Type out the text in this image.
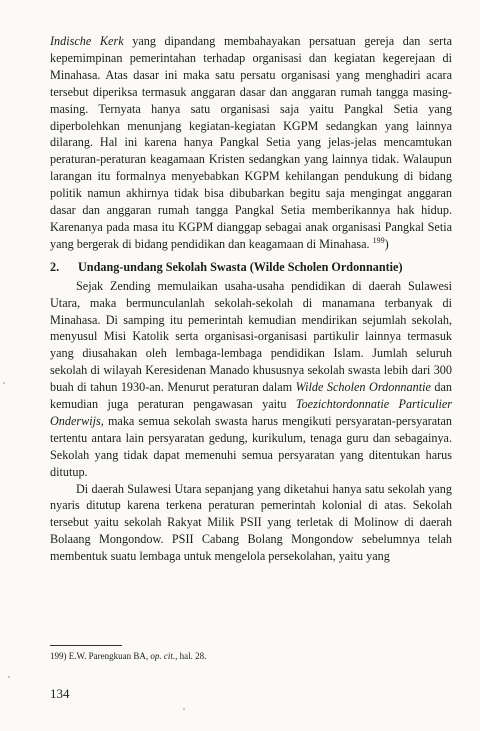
Indische Kerk yang dipandang membahayakan persatuan gereja dan serta kepemimpinan pemerintahan terhadap organisasi dan kegiatan kegerejaan di Minahasa. Atas dasar ini maka satu persatu organisasi yang menghadiri acara tersebut diperiksa termasuk anggaran dasar dan anggaran rumah tangga masing-masing. Ternyata hanya satu organisasi saja yaitu Pangkal Setia yang diperbolehkan menunjang kegiatan-kegiatan KGPM sedangkan yang lainnya dilarang. Hal ini karena hanya Pangkal Setia yang jelas-jelas mencamtukan peraturan-peraturan keagamaan Kristen sedangkan yang lainnya tidak. Walaupun larangan itu formalnya menyebabkan KGPM kehilangan pendukung di bidang politik namun akhirnya tidak bisa dibubarkan begitu saja mengingat anggaran dasar dan anggaran rumah tangga Pangkal Setia memberikannya hak hidup. Karenanya pada masa itu KGPM dianggap sebagai anak organisasi Pangkal Setia yang bergerak di bidang pendidikan dan keagamaan di Minahasa. $^{199}$)

2.	Undang-undang Sekolah Swasta (Wilde Scholen Ordonnantie)

Sejak Zending memulaikan usaha-usaha pendidikan di daerah Sulawesi Utara, maka bermunculanlah sekolah-sekolah di manamana terbanyak di Minahasa. Di samping itu pemerintah kemudian mendirikan sejumlah sekolah, menyusul Misi Katolik serta organisasi-organisasi partikulir lainnya termasuk yang diusahakan oleh lembaga-lembaga pendidikan Islam. Jumlah seluruh sekolah di wilayah Keresidenan Manado khususnya sekolah swasta lebih dari 300 buah di tahun 1930-an. Menurut peraturan dalam Wilde Scholen Ordonnantie dan kemudian juga peraturan pengawasan yaitu Toezichtordonnatie Particulier Onderwijs, maka semua sekolah swasta harus mengikuti persyaratan-persyaratan tertentu antara lain persyaratan gedung, kurikulum, tenaga guru dan sebagainya. Sekolah yang tidak dapat memenuhi semua persyaratan yang ditentukan harus ditutup.

Di daerah Sulawesi Utara sepanjang yang diketahui hanya satu sekolah yang nyaris ditutup karena terkena peraturan pemerintah kolonial di atas. Sekolah tersebut yaitu sekolah Rakyat Milik PSII yang terletak di Molinow di daerah Bolaang Mongondow. PSII Cabang Bolang Mongondow sebelumnya telah membentuk suatu lembaga untuk mengelola persekolahan, yaitu yang

199) E.W. Parengkuan BA, op. cit., hal. 28.
134
